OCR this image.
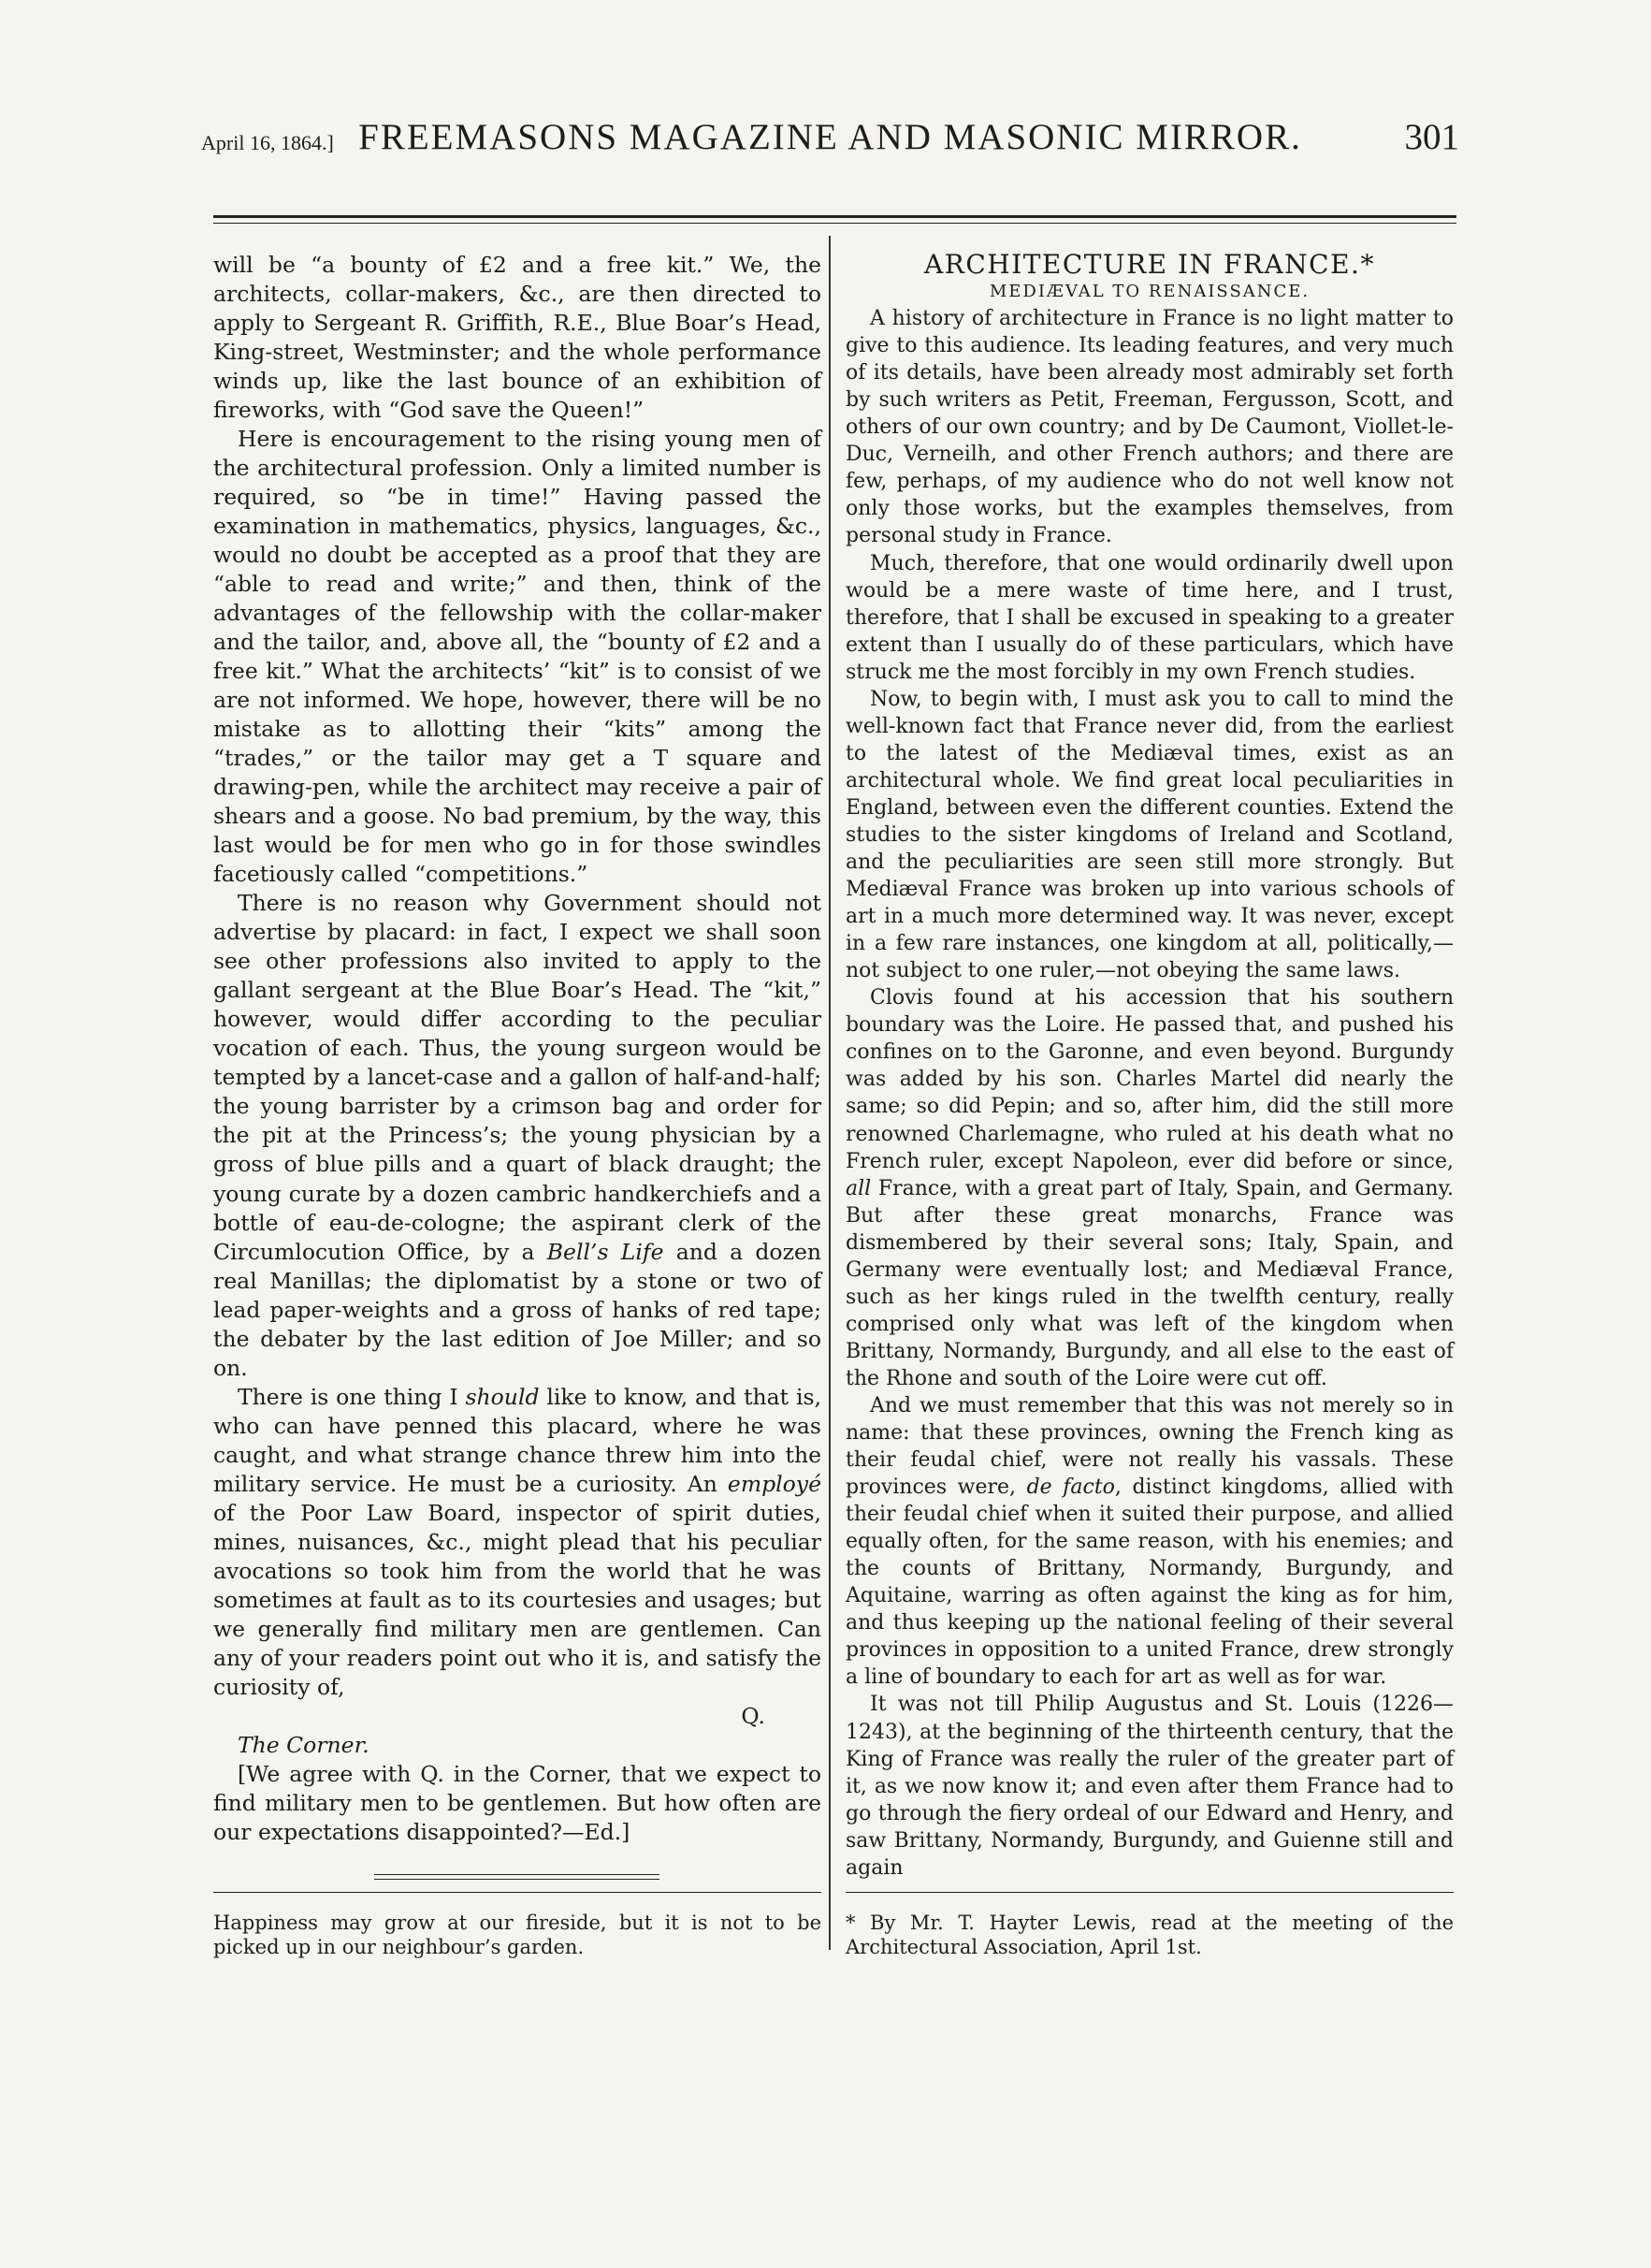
April 16, 1864.] FREEMASONS MAGAZINE AND MASONIC MIRROR.	301

will be “a bounty of £2 and a free kit.” We, the architects, collar-makers, &c., are then directed to apply to Sergeant R. Griffith, R.E., Blue Boar’s Head, King-street, Westminster; and the whole performance winds up, like the last bounce of an exhibition of fireworks, with “God save the Queen!”

Here is encouragement to the rising young men of the architectural profession. Only a limited number is required, so “be in time!” Having passed the examination in mathematics, physics, languages, &c., would no doubt be accepted as a proof that they are “able to read and write;” and then, think of the advantages of the fellowship with the collar-maker and the tailor, and, above all, the “bounty of £2 and a free kit.” What the architects’ “kit” is to consist of we are not informed. We hope, however, there will be no mistake as to allotting their “kits” among the “trades,” or the tailor may get a T square and drawing-pen, while the architect may receive a pair of shears and a goose. No bad premium, by the way, this last would be for men who go in for those swindles facetiously called “competitions.”

There is no reason why Government should not advertise by placard: in fact, I expect we shall soon see other professions also invited to apply to the gallant sergeant at the Blue Boar’s Head. The “kit,” however, would differ according to the peculiar vocation of each. Thus, the young surgeon would be tempted by a lancet-case and a gallon of half-and-half; the young barrister by a crimson bag and order for the pit at the Princess’s; the young physician by a gross of blue pills and a quart of black draught; the young curate by a dozen cambric handkerchiefs and a bottle of eau-de-cologne; the aspirant clerk of the Circumlocution Office, by a Bell’s Life and a dozen real Manillas; the diplomatist by a stone or two of lead paper-weights and a gross of hanks of red tape; the debater by the last edition of Joe Miller; and so on.

There is one thing I should like to know, and that is, who can have penned this placard, where he was caught, and what strange chance threw him into the military service. He must be a curiosity. An employé of the Poor Law Board, inspector of spirit duties, mines, nuisances, &c., might plead that his peculiar avocations so took him from the world that he was sometimes at fault as to its courtesies and usages; but we generally find military men are gentlemen. Can any of your readers point out who it is, and satisfy the curiosity of,

Q.

The Corner.

[We agree with Q. in the Corner, that we expect to find military men to be gentlemen. But how often are our expectations disappointed?—Ed.]

ARCHITECTURE IN FRANCE.*

MEDIÆVAL TO RENAISSANCE.

A history of architecture in France is no light matter to give to this audience. Its leading features, and very much of its details, have been already most admirably set forth by such writers as Petit, Freeman, Fergusson, Scott, and others of our own country; and by De Caumont, Viollet-le-Duc, Verneilh, and other French authors; and there are few, perhaps, of my audience who do not well know not only those works, but the examples themselves, from personal study in France.

Much, therefore, that one would ordinarily dwell upon would be a mere waste of time here, and I trust, therefore, that I shall be excused in speaking to a greater extent than I usually do of these particulars, which have struck me the most forcibly in my own French studies.

Now, to begin with, I must ask you to call to mind the well-known fact that France never did, from the earliest to the latest of the Mediæval times, exist as an architectural whole. We find great local peculiarities in England, between even the different counties. Extend the studies to the sister kingdoms of Ireland and Scotland, and the peculiarities are seen still more strongly. But Mediæval France was broken up into various schools of art in a much more determined way. It was never, except in a few rare instances, one kingdom at all, politically,—not subject to one ruler,—not obeying the same laws.

Clovis found at his accession that his southern boundary was the Loire. He passed that, and pushed his confines on to the Garonne, and even beyond. Burgundy was added by his son. Charles Martel did nearly the same; so did Pepin; and so, after him, did the still more renowned Charlemagne, who ruled at his death what no French ruler, except Napoleon, ever did before or since, all France, with a great part of Italy, Spain, and Germany. But after these great monarchs, France was dismembered by their several sons; Italy, Spain, and Germany were eventually lost; and Mediæval France, such as her kings ruled in the twelfth century, really comprised only what was left of the kingdom when Brittany, Normandy, Burgundy, and all else to the east of the Rhone and south of the Loire were cut off.

And we must remember that this was not merely so in name: that these provinces, owning the French king as their feudal chief, were not really his vassals. These provinces were, de facto, distinct kingdoms, allied with their feudal chief when it suited their purpose, and allied equally often, for the same reason, with his enemies; and the counts of Brittany, Normandy, Burgundy, and Aquitaine, warring as often against the king as for him, and thus keeping up the national feeling of their several provinces in opposition to a united France, drew strongly a line of boundary to each for art as well as for war.

It was not till Philip Augustus and St. Louis (1226—1243), at the beginning of the thirteenth century, that the King of France was really the ruler of the greater part of it, as we now know it; and even after them France had to go through the fiery ordeal of our Edward and Henry, and saw Brittany, Normandy, Burgundy, and Guienne still and again

Happiness may grow at our fireside, but it is not to be picked up in our neighbour’s garden.
* By Mr. T. Hayter Lewis, read at the meeting of the Architectural Association, April 1st.
